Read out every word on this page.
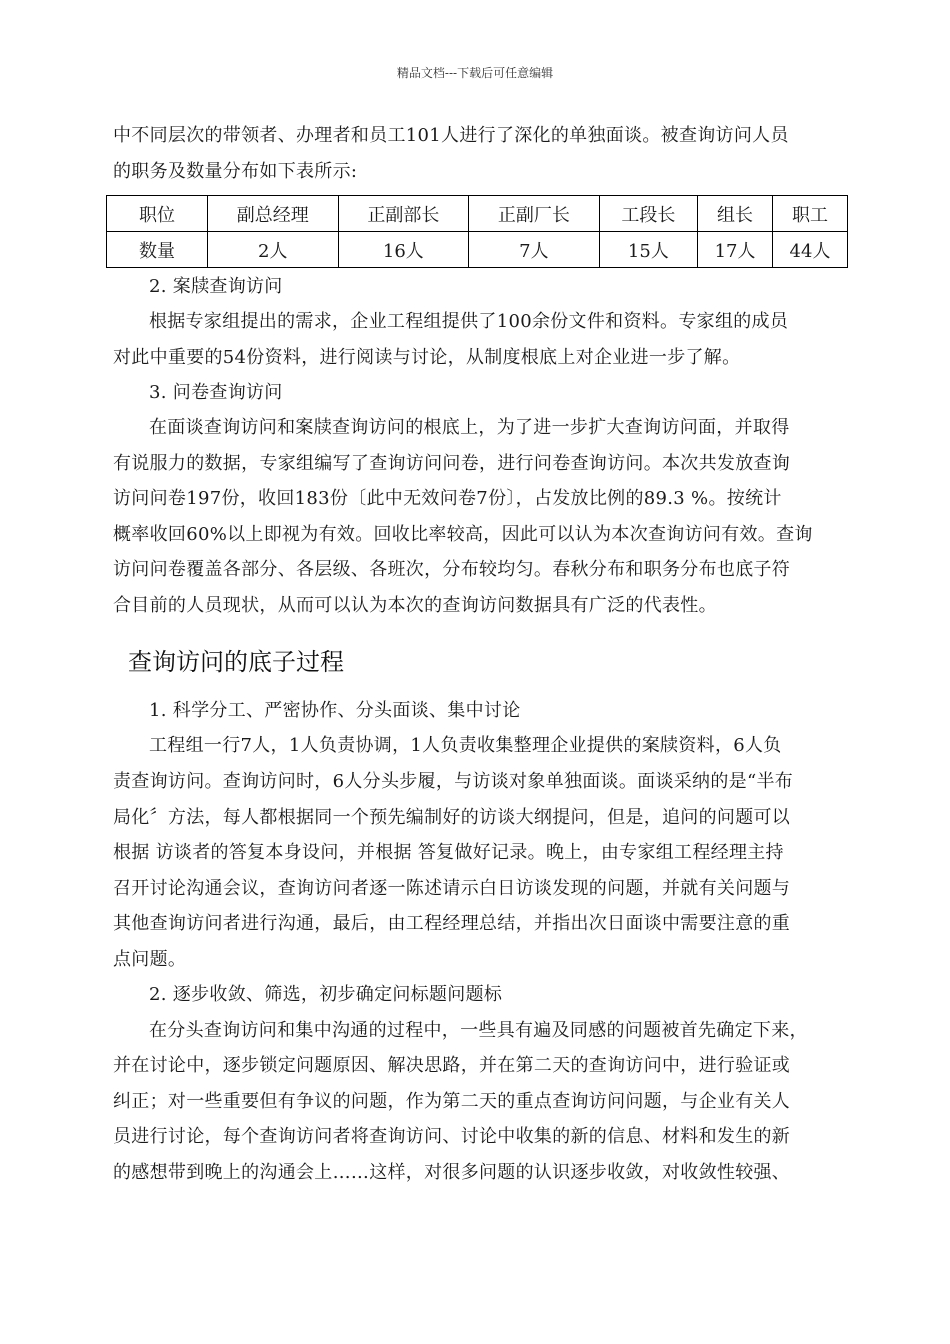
精品文档---下载后可任意编辑
中不同层次的带领者、办理者和员工101人进行了深化的单独面谈。被查询访问人员
的职务及数量分布如下表所示:
职位	副总经理	正副部长	正副厂长	工段长	组长	职工
数量	2人	16人	7人	15人	17人	44人
2. 案牍查询访问
根据专家组提出的需求，企业工程组提供了100余份文件和资料。专家组的成员
对此中重要的54份资料，进行阅读与讨论，从制度根底上对企业进一步了解。
3. 问卷查询访问
在面谈查询访问和案牍查询访问的根底上，为了进一步扩大查询访问面，并取得
有说服力的数据，专家组编写了查询访问问卷，进行问卷查询访问。本次共发放查询
访问问卷197份，收回183份〔此中无效问卷7份〕，占发放比例的89.3 %。按统计
概率收回60%以上即视为有效。回收比率较高，因此可以认为本次查询访问有效。查询
访问问卷覆盖各部分、各层级、各班次，分布较均匀。春秋分布和职务分布也底子符
合目前的人员现状，从而可以认为本次的查询访问数据具有广泛的代表性。
查询访问的底子过程
1. 科学分工、严密协作、分头面谈、集中讨论
工程组一行7人，1人负责协调，1人负责收集整理企业提供的案牍资料，6人负
责查询访问。查询访问时，6人分头步履，与访谈对象单独面谈。面谈采纳的是“半布
局化〞方法，每人都根据同一个预先编制好的访谈大纲提问，但是，追问的问题可以
根据 访谈者的答复本身设问，并根据 答复做好记录。晚上，由专家组工程经理主持
召开讨论沟通会议，查询访问者逐一陈述请示白日访谈发现的问题，并就有关问题与
其他查询访问者进行沟通，最后，由工程经理总结，并指出次日面谈中需要注意的重
点问题。
2. 逐步收敛、筛选，初步确定问标题问题标
在分头查询访问和集中沟通的过程中，一些具有遍及同感的问题被首先确定下来，
并在讨论中，逐步锁定问题原因、解决思路，并在第二天的查询访问中，进行验证或
纠正；对一些重要但有争议的问题，作为第二天的重点查询访问问题，与企业有关人
员进行讨论，每个查询访问者将查询访问、讨论中收集的新的信息、材料和发生的新
的感想带到晚上的沟通会上……这样，对很多问题的认识逐步收敛，对收敛性较强、
